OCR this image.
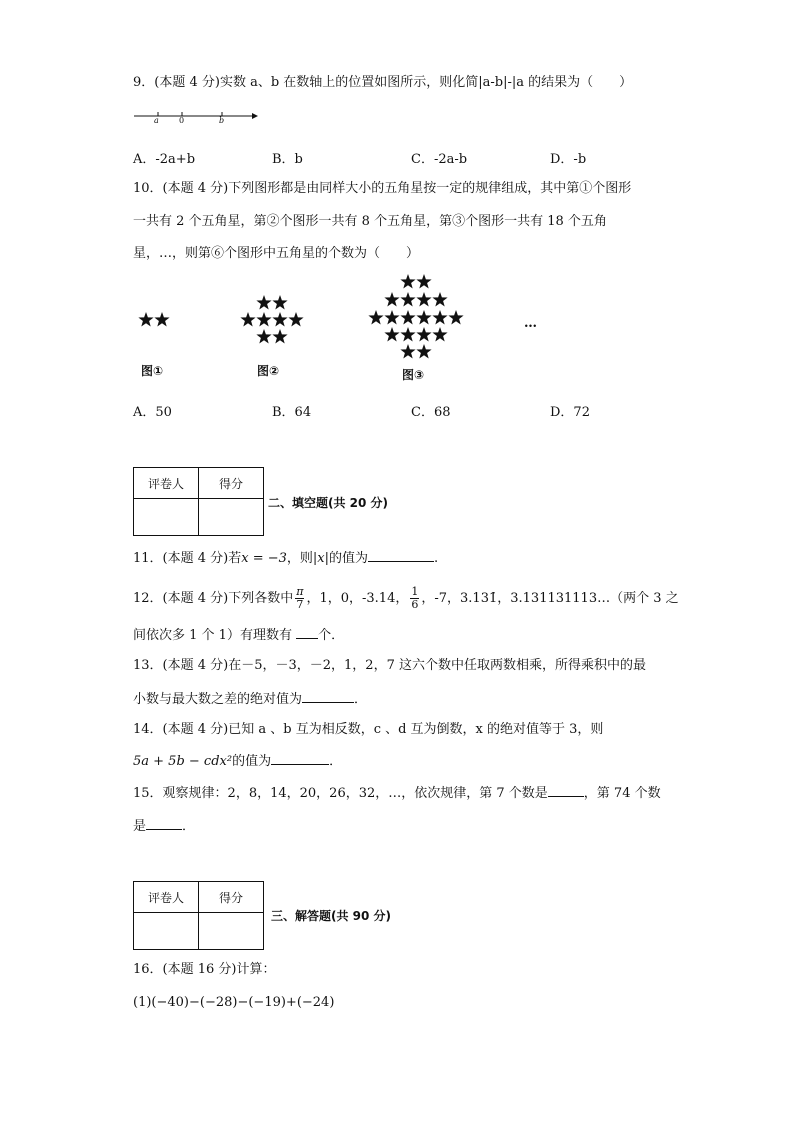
9．(本题 4 分)实数 a、b 在数轴上的位置如图所示，则化简|a-b|-|a 的结果为（　　）
a	0	b
A．-2a+b	B．b	C．-2a-b	D．-b
10．(本题 4 分)下列图形都是由同样大小的五角星按一定的规律组成，其中第①个图形
一共有 2 个五角星，第②个图形一共有 8 个五角星，第③个图形一共有 18 个五角
星，…，则第⑥个图形中五角星的个数为（　　）
…
图①	图②	图③
A．50	B．64	C．68	D．72
评卷人	得分

二、填空题(共 20 分)
11．(本题 4 分)若x = −3，则|x|的值为	.
12．(本题 4 分)下列各数中 $\frac{\pi}{7}$ ，1，0，-3.14， $\frac{1}{6}$ ，-7，3.131̇，3.131131113…（两个 3 之
间依次多 1 个 1）有理数有 个．
13．(本题 4 分)在－5，－3，－2，1，2，7 这六个数中任取两数相乘，所得乘积中的最
小数与最大数之差的绝对值为	．
14．(本题 4 分)已知 a 、b 互为相反数，c 、d 互为倒数，x 的绝对值等于 3，则
5a + 5b − cdx²的值为	．
15．观察规律：2，8，14，20，26，32，…，依次规律，第 7 个数是	，第 74 个数
是	．
评卷人	得分

三、解答题(共 90 分)
16．(本题 16 分)计算：
(1)(−40)−(−28)−(−19)+(−24)
